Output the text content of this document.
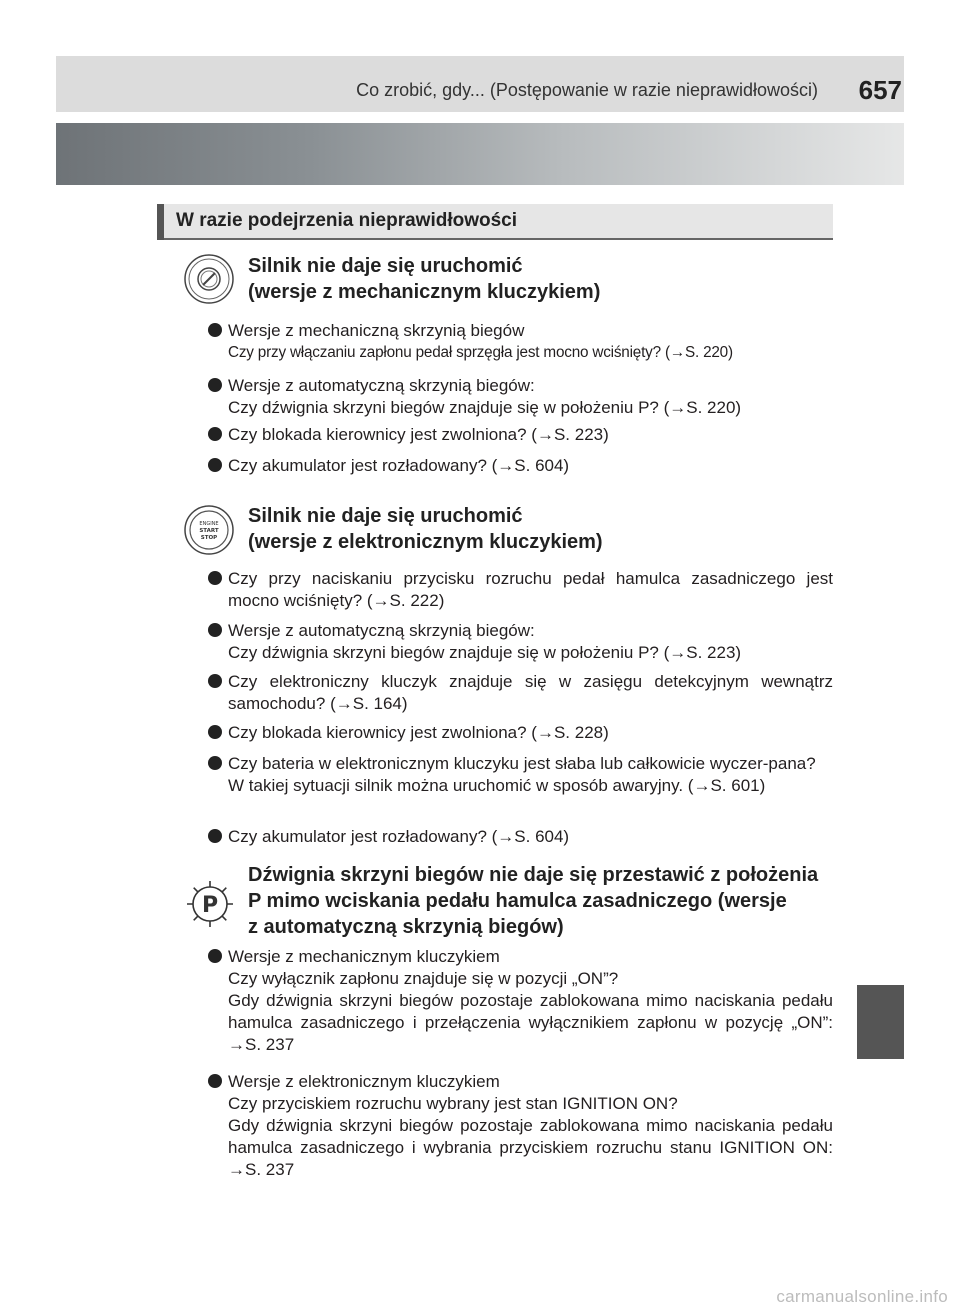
Co zrobić, gdy... (Postępowanie w razie nieprawidłowości) 657
W razie podejrzenia nieprawidłowości
Silnik nie daje się uruchomić
(wersje z mechanicznym kluczykiem)
Wersje z mechaniczną skrzynią biegów
Czy przy włączaniu zapłonu pedał sprzęgła jest mocno wciśnięty? (→S. 220)
Wersje z automatyczną skrzynią biegów:
Czy dźwignia skrzyni biegów znajduje się w położeniu P? (→S. 220)
Czy blokada kierownicy jest zwolniona? (→S. 223)
Czy akumulator jest rozładowany? (→S. 604)
ENGINE
START
STOP
Silnik nie daje się uruchomić
(wersje z elektronicznym kluczykiem)
Czy przy naciskaniu przycisku rozruchu pedał hamulca zasadniczego jest mocno wciśnięty? (→S. 222)
Wersje z automatyczną skrzynią biegów:
Czy dźwignia skrzyni biegów znajduje się w położeniu P? (→S. 223)
Czy elektroniczny kluczyk znajduje się w zasięgu detekcyjnym wewnątrz samochodu? (→S. 164)
Czy blokada kierownicy jest zwolniona? (→S. 228)
Czy bateria w elektronicznym kluczyku jest słaba lub całkowicie wyczer-pana?
W takiej sytuacji silnik można uruchomić w sposób awaryjny. (→S. 601)
Czy akumulator jest rozładowany? (→S. 604)
P
Dźwignia skrzyni biegów nie daje się przestawić z położenia
P mimo wciskania pedału hamulca zasadniczego (wersje
z automatyczną skrzynią biegów)
Wersje z mechanicznym kluczykiem
Czy wyłącznik zapłonu znajduje się w pozycji „ON”?
Gdy dźwignia skrzyni biegów pozostaje zablokowana mimo naciskania pedału hamulca zasadniczego i przełączenia wyłącznikiem zapłonu w pozycję „ON”: →S. 237
Wersje z elektronicznym kluczykiem
Czy przyciskiem rozruchu wybrany jest stan IGNITION ON?
Gdy dźwignia skrzyni biegów pozostaje zablokowana mimo naciskania pedału hamulca zasadniczego i wybrania przyciskiem rozruchu stanu IGNITION ON: →S. 237
carmanualsonline.info
